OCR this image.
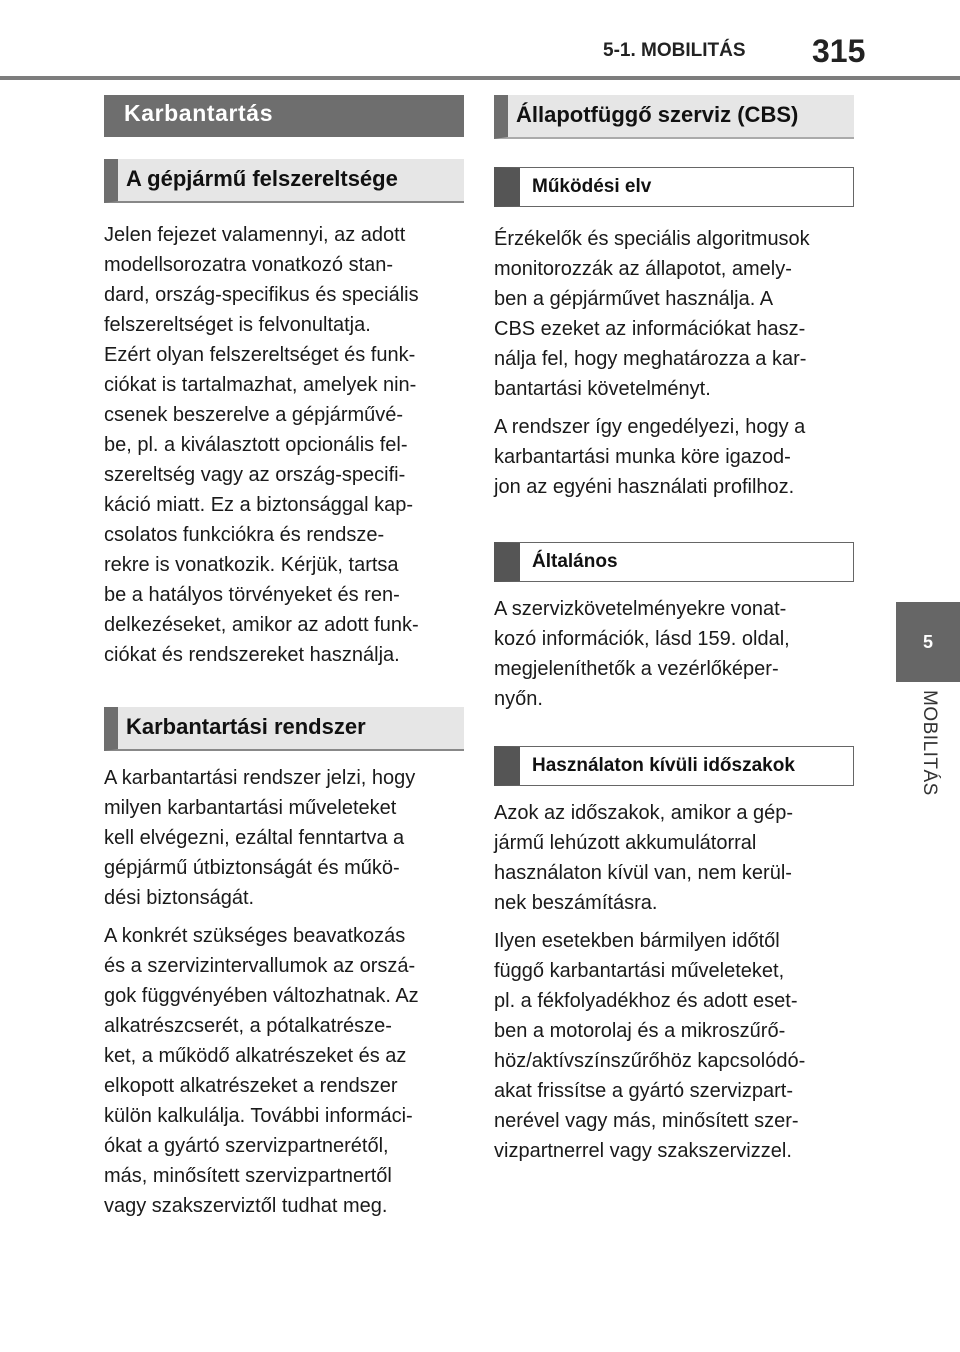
5-1. MOBILITÁS 315
5
MOBILITÁS
Karbantartás
A gépjármű felszereltsége

Jelen fejezet valamennyi, az adott
modellsorozatra vonatkozó stan-
dard, ország-specifikus és speciális
felszereltséget is felvonultatja.
Ezért olyan felszereltséget és funk-
ciókat is tartalmazhat, amelyek nin-
csenek beszerelve a gépjárművé-
be, pl. a kiválasztott opcionális fel-
szereltség vagy az ország-specifi-
káció miatt. Ez a biztonsággal kap-
csolatos funkciókra és rendsze-
rekre is vonatkozik. Kérjük, tartsa
be a hatályos törvényeket és ren-
delkezéseket, amikor az adott funk-
ciókat és rendszereket használja.

Karbantartási rendszer

A karbantartási rendszer jelzi, hogy
milyen karbantartási műveleteket
kell elvégezni, ezáltal fenntartva a
gépjármű útbiztonságát és műkö-
dési biztonságát.

A konkrét szükséges beavatkozás
és a szervizintervallumok az orszá-
gok függvényében változhatnak. Az
alkatrészcserét, a pótalkatrésze-
ket, a működő alkatrészeket és az
elkopott alkatrészeket a rendszer
külön kalkulálja. További informáci-
ókat a gyártó szervizpartnerétől,
más, minősített szervizpartnertől
vagy szakszerviztől tudhat meg.

Állapotfüggő szerviz (CBS)
Működési elv

Érzékelők és speciális algoritmusok
monitorozzák az állapotot, amely-
ben a gépjárművet használja. A
CBS ezeket az információkat hasz-
nálja fel, hogy meghatározza a kar-
bantartási követelményt.

A rendszer így engedélyezi, hogy a
karbantartási munka köre igazod-
jon az egyéni használati profilhoz.

Általános

A szervizkövetelményekre vonat-
kozó információk, lásd 159. oldal,
megjeleníthetők a vezérlőképer-
nyőn.

Használaton kívüli időszakok

Azok az időszakok, amikor a gép-
jármű lehúzott akkumulátorral
használaton kívül van, nem kerül-
nek beszámításra.

Ilyen esetekben bármilyen időtől
függő karbantartási műveleteket,
pl. a fékfolyadékhoz és adott eset-
ben a motorolaj és a mikroszűrő-
höz/aktívszínszűrőhöz kapcsolódó-
akat frissítse a gyártó szervizpart-
nerével vagy más, minősített szer-
vizpartnerrel vagy szakszervizzel.
